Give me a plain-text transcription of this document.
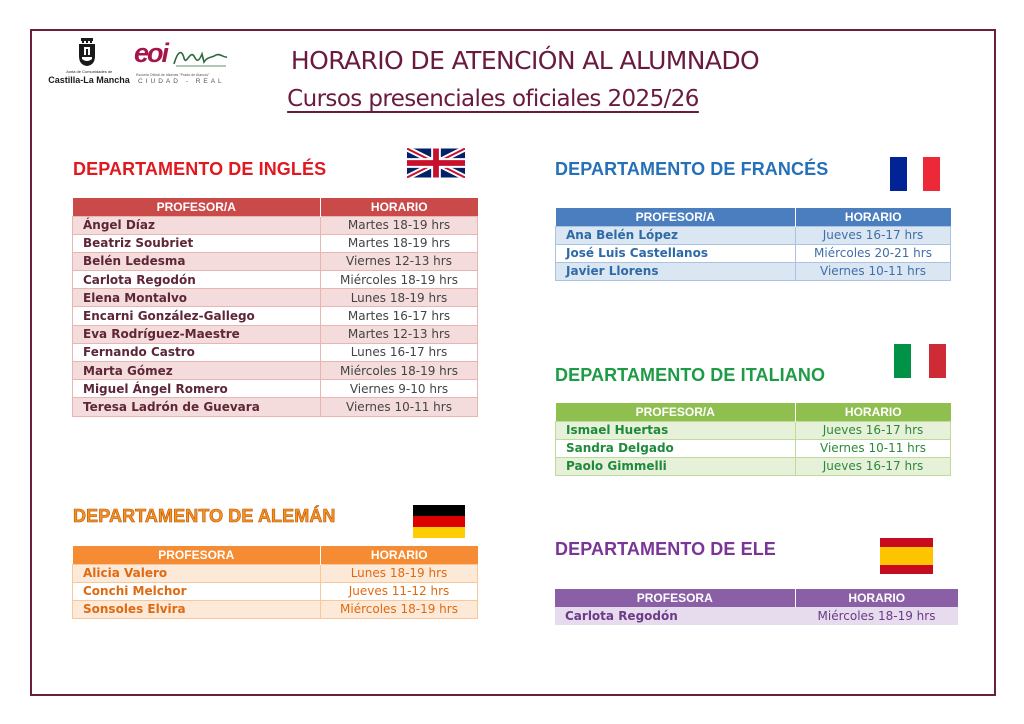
Junta de Comunidades de
Castilla-La Mancha
eoi
Escuela Oficial de Idiomas "Prado de Alarcos"
CIUDAD - REAL
HORARIO DE ATENCIÓN AL ALUMNADO
Cursos presenciales oficiales 2025/26
DEPARTAMENTO DE INGLÉS
PROFESOR/A	HORARIO
Ángel Díaz	Martes 18-19 hrs
Beatriz Soubriet	Martes 18-19 hrs
Belén Ledesma	Viernes 12-13 hrs
Carlota Regodón	Miércoles 18-19 hrs
Elena Montalvo	Lunes 18-19 hrs
Encarni González-Gallego	Martes 16-17 hrs
Eva Rodríguez-Maestre	Martes 12-13 hrs
Fernando Castro	Lunes 16-17 hrs
Marta Gómez	Miércoles 18-19 hrs
Miguel Ángel Romero	Viernes 9-10 hrs
Teresa Ladrón de Guevara	Viernes 10-11 hrs
DEPARTAMENTO DE ALEMÁN
PROFESORA	HORARIO
Alicia Valero	Lunes 18-19 hrs
Conchi Melchor	Jueves 11-12 hrs
Sonsoles Elvira	Miércoles 18-19 hrs
DEPARTAMENTO DE FRANCÉS
PROFESOR/A	HORARIO
Ana Belén López	Jueves 16-17 hrs
José Luis Castellanos	Miércoles 20-21 hrs
Javier Llorens	Viernes 10-11 hrs
DEPARTAMENTO DE ITALIANO
PROFESOR/A	HORARIO
Ismael Huertas	Jueves 16-17 hrs
Sandra Delgado	Viernes 10-11 hrs
Paolo Gimmelli	Jueves 16-17 hrs
DEPARTAMENTO DE ELE
PROFESORA	HORARIO
Carlota Regodón	Miércoles 18-19 hrs
